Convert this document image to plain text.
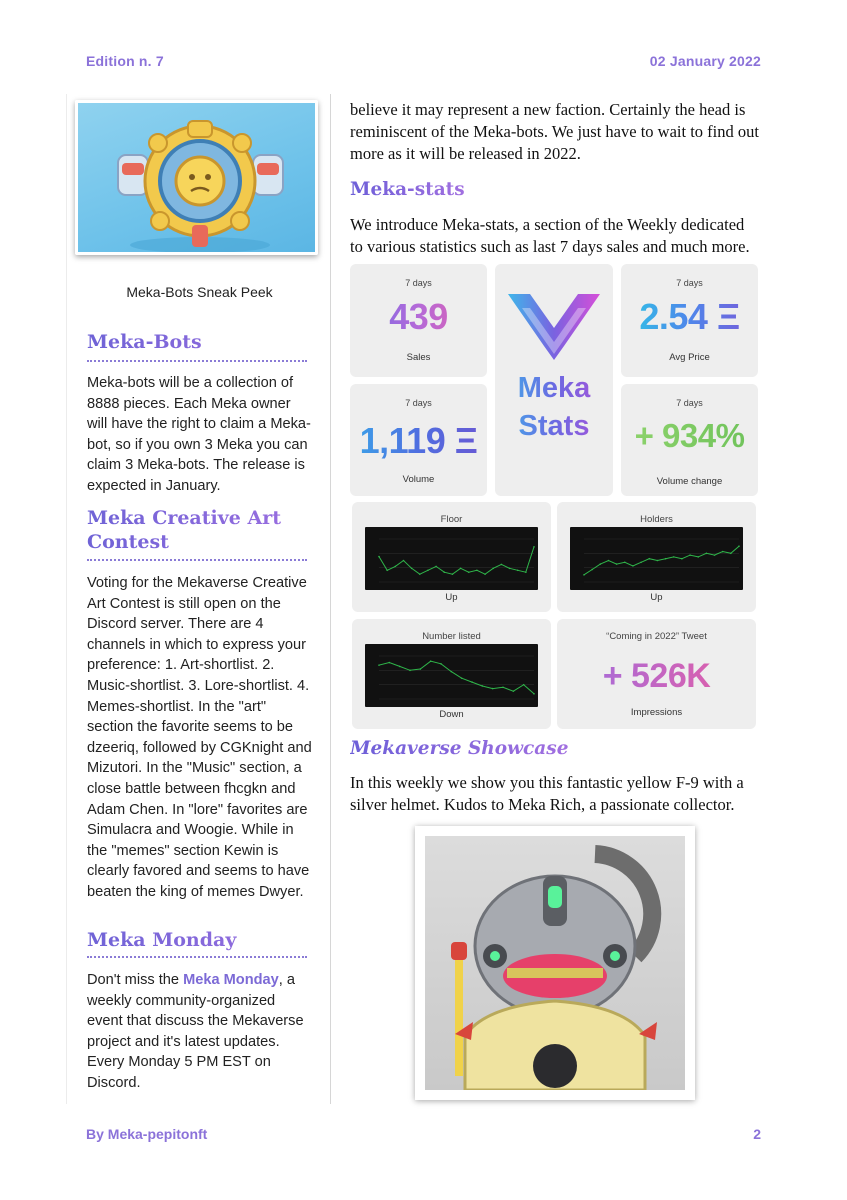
Edition n. 7	02 January 2022
Meka-Bots Sneak Peek
Meka-Bots
Meka-bots will be a collection of 8888 pieces. Each Meka owner will have the right to claim a Meka-bot, so if you own 3 Meka you can claim 3 Meka-bots. The release is expected in January.
Meka Creative Art
Contest
Voting for the Mekaverse Creative Art Contest is still open on the Discord server. There are 4 channels in which to express your preference: 1. Art-shortlist. 2. Music-shortlist. 3. Lore-shortlist. 4. Memes-shortlist. In the "art" section the favorite seems to be dzeeriq, followed by CGKnight and Mizutori. In the "Music" section, a close battle between fhcgkn and Adam Chen. In "lore" favorites are Simulacra and Woogie. While in the "memes" section Kewin is clearly favored and seems to have beaten the king of memes Dwyer.
Meka Monday
Don't miss the Meka Monday, a weekly community-organized event that discuss the Mekaverse project and it's latest updates. Every Monday 5 PM EST on Discord.
believe it may represent a new faction. Certainly the head is reminiscent of the Meka-bots. We just have to wait to find out more as it will be released in 2022.
Meka-stats
We introduce Meka-stats, a section of the Weekly dedicated to various statistics such as last 7 days sales and much more.
7 days
439
Sales
Meka
Stats
7 days
2.54 Ξ
Avg Price
7 days
1,119 Ξ
Volume
7 days
+ 934%
Volume change
Floor
Up
Holders
Up
Number listed
Down
“Coming in 2022” Tweet
+ 526K
Impressions
Mekaverse Showcase
In this weekly we show you this fantastic yellow F-9 with a silver helmet. Kudos to Meka Rich, a passionate collector.
By Meka-pepitonft	2
